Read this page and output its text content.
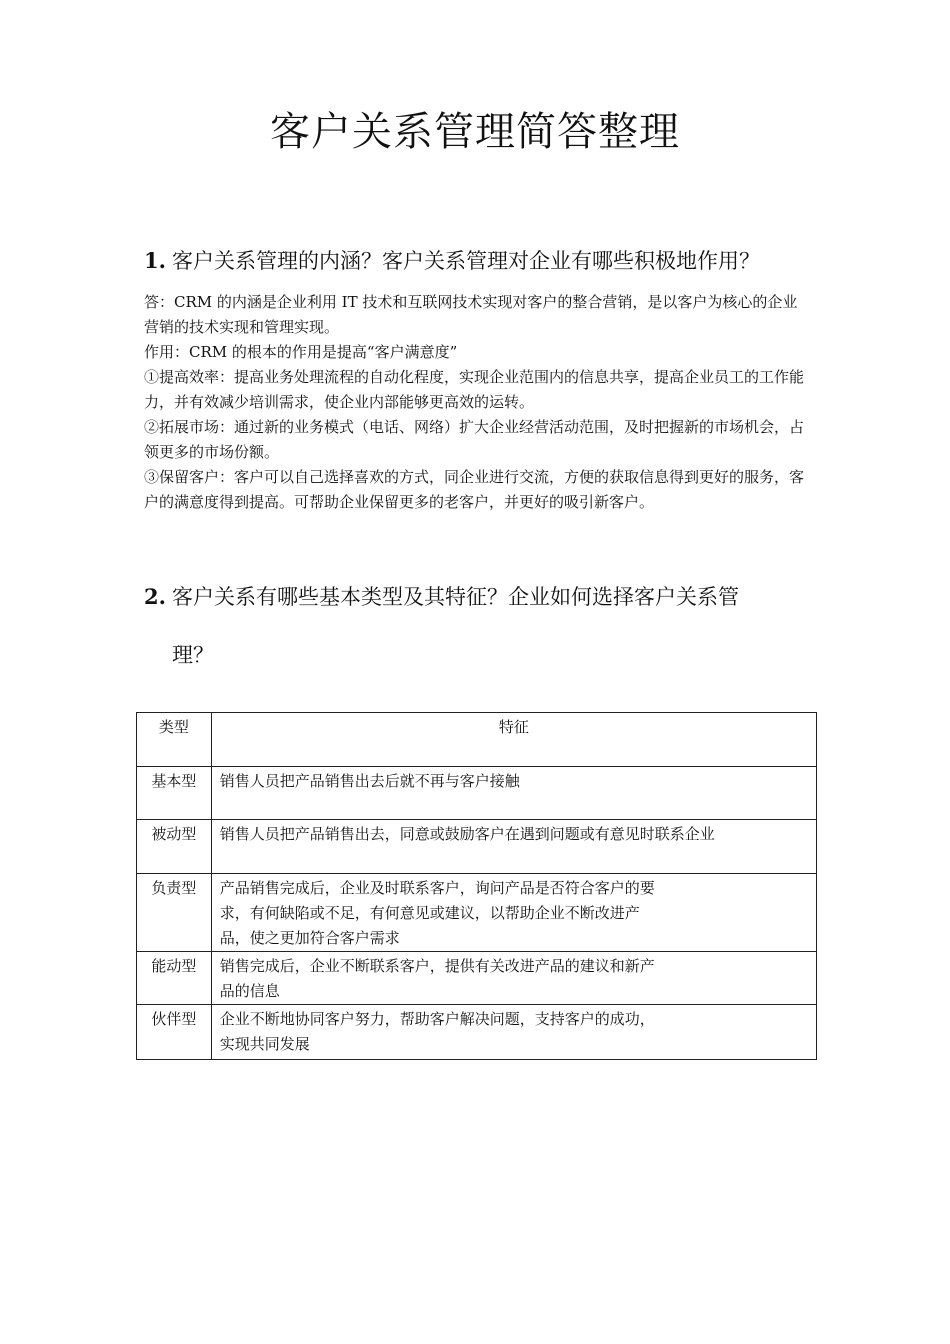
客户关系管理简答整理
1. 客户关系管理的内涵？客户关系管理对企业有哪些积极地作用？

答：CRM 的内涵是企业利用 IT 技术和互联网技术实现对客户的整合营销，是以客户为核心的企业营销的技术实现和管理实现。

作用：CRM 的根本的作用是提高“客户满意度”

①提高效率：提高业务处理流程的自动化程度，实现企业范围内的信息共享，提高企业员工的工作能力，并有效减少培训需求，使企业内部能够更高效的运转。

②拓展市场：通过新的业务模式（电话、网络）扩大企业经营活动范围，及时把握新的市场机会，占领更多的市场份额。

③保留客户：客户可以自己选择喜欢的方式，同企业进行交流，方便的获取信息得到更好的服务，客户的满意度得到提高。可帮助企业保留更多的老客户，并更好的吸引新客户。

2. 客户关系有哪些基本类型及其特征？企业如何选择客户关系管
理？
类型	特征
基本型	销售人员把产品销售出去后就不再与客户接触
被动型	销售人员把产品销售出去，同意或鼓励客户在遇到问题或有意见时联系企业
负责型	产品销售完成后，企业及时联系客户，询问产品是否符合客户的要求，有何缺陷或不足，有何意见或建议，以帮助企业不断改进产品，使之更加符合客户需求

能动型	销售完成后，企业不断联系客户，提供有关改进产品的建议和新产品的信息

伙伴型	企业不断地协同客户努力，帮助客户解决问题，支持客户的成功，实现共同发展
